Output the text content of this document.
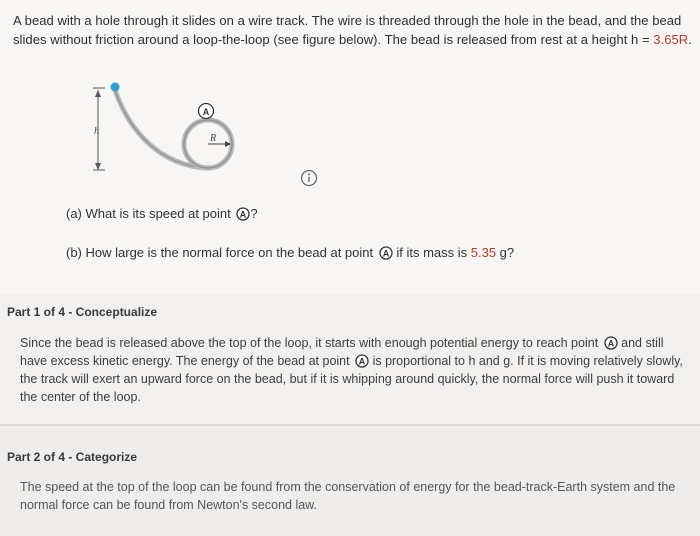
A bead with a hole through it slides on a wire track. The wire is threaded through the hole in the bead, and the bead slides without friction around a loop-the-loop (see figure below). The bead is released from rest at a height h = 3.65R.
h
R
A
(a) What is its speed at point A ?
(b) How large is the normal force on the bead at point A if its mass is 5.35 g?
Part 1 of 4 - Conceptualize
Since the bead is released above the top of the loop, it starts with enough potential energy to reach point A and still have excess kinetic energy. The energy of the bead at point A is proportional to h and g. If it is moving relatively slowly, the track will exert an upward force on the bead, but if it is whipping around quickly, the normal force will push it toward the center of the loop.
Part 2 of 4 - Categorize
The speed at the top of the loop can be found from the conservation of energy for the bead-track-Earth system and the normal force can be found from Newton's second law.
